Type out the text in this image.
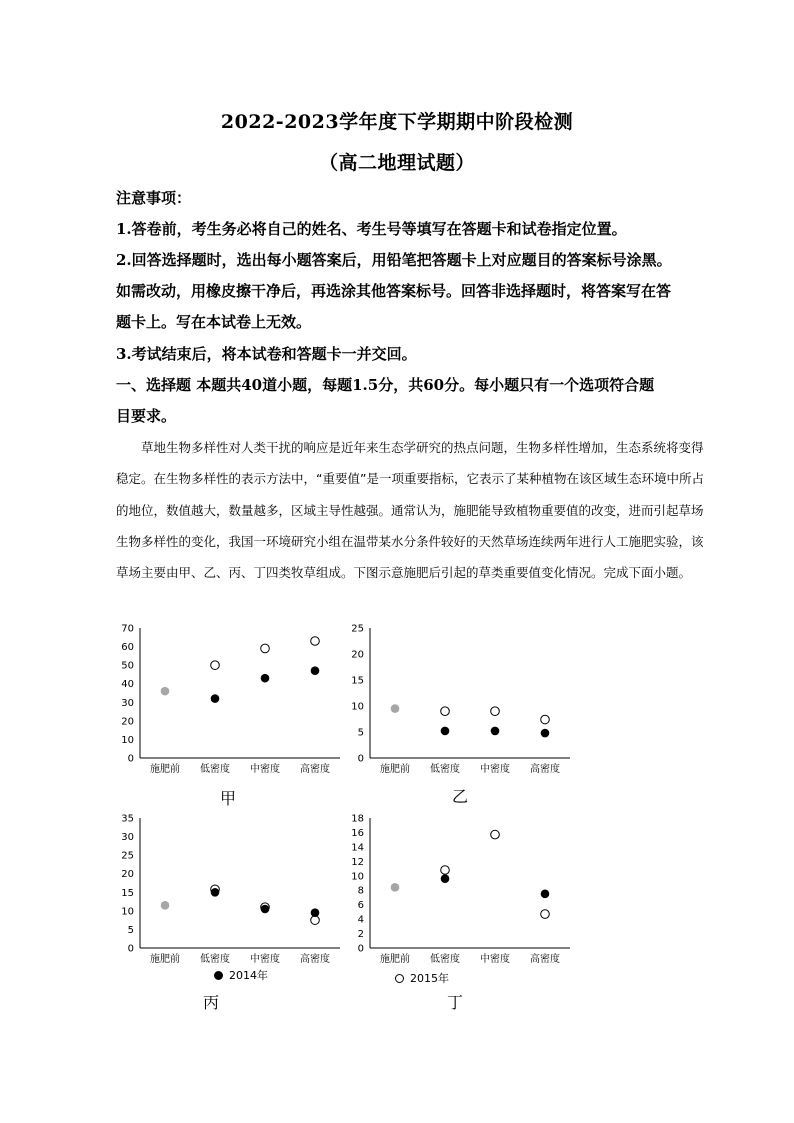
2022-2023学年度下学期期中阶段检测
（高二地理试题）
注意事项：
1.答卷前，考生务必将自己的姓名、考生号等填写在答题卡和试卷指定位置。
2.回答选择题时，选出每小题答案后，用铅笔把答题卡上对应题目的答案标号涂黑。
如需改动，用橡皮擦干净后，再选涂其他答案标号。回答非选择题时，将答案写在答
题卡上。写在本试卷上无效。
3.考试结束后，将本试卷和答题卡一并交回。
一、选择题 本题共40道小题，每题1.5分，共60分。每小题只有一个选项符合题
目要求。
草地生物多样性对人类干扰的响应是近年来生态学研究的热点问题，生物多样性增加，生态系统将变得稳定。在生物多样性的表示方法中，“重要值”是一项重要指标，它表示了某种植物在该区域生态环境中所占的地位，数值越大，数量越多，区域主导性越强。通常认为，施肥能导致植物重要值的改变，进而引起草场生物多样性的变化，我国一环境研究小组在温带某水分条件较好的天然草场连续两年进行人工施肥实验，该草场主要由甲、乙、丙、丁四类牧草组成。下图示意施肥后引起的草类重要值变化情况。完成下面小题。
0
10
20
30
40
50
60
70
施肥前 低密度 中密度 高密度
0
5
10
15
20
25
施肥前 低密度 中密度 高密度
0
5
10
15
20
25
30
35
施肥前 低密度 中密度 高密度
0
2
4
6
8
10
12
14
16
18
施肥前 低密度 中密度 高密度
甲	乙
丙	丁
2014年	2015年
